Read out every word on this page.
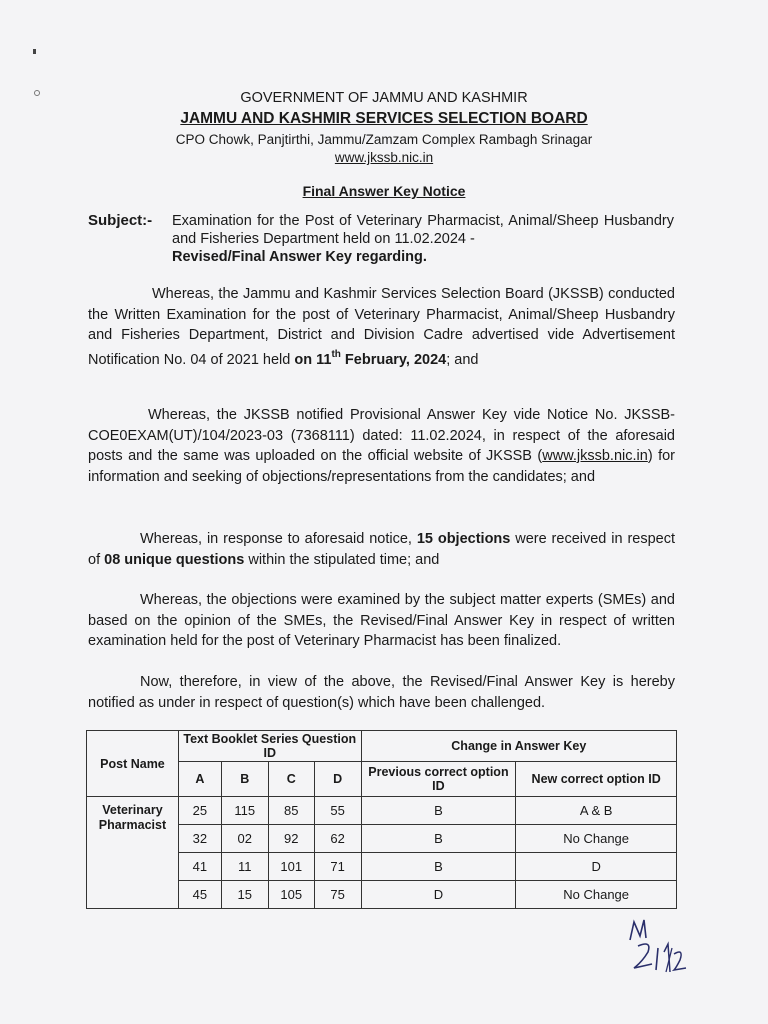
GOVERNMENT OF JAMMU AND KASHMIR
JAMMU AND KASHMIR SERVICES SELECTION BOARD
CPO Chowk, Panjtirthi, Jammu/Zamzam Complex Rambagh Srinagar
www.jkssb.nic.in
Final Answer Key Notice
Subject:- Examination for the Post of Veterinary Pharmacist, Animal/Sheep Husbandry and Fisheries Department held on 11.02.2024 -
Revised/Final Answer Key regarding.
Whereas, the Jammu and Kashmir Services Selection Board (JKSSB) conducted the Written Examination for the post of Veterinary Pharmacist, Animal/Sheep Husbandry and Fisheries Department, District and Division Cadre advertised vide Advertisement Notification No. 04 of 2021 held on 11th February, 2024; and
Whereas, the JKSSB notified Provisional Answer Key vide Notice No. JKSSB-COE0EXAM(UT)/104/2023-03 (7368111) dated: 11.02.2024, in respect of the aforesaid posts and the same was uploaded on the official website of JKSSB (www.jkssb.nic.in) for information and seeking of objections/representations from the candidates; and
Whereas, in response to aforesaid notice, 15 objections were received in respect of 08 unique questions within the stipulated time; and
Whereas, the objections were examined by the subject matter experts (SMEs) and based on the opinion of the SMEs, the Revised/Final Answer Key in respect of written examination held for the post of Veterinary Pharmacist has been finalized.
Now, therefore, in view of the above, the Revised/Final Answer Key is hereby notified as under in respect of question(s) which have been challenged.
Post Name	Text Booklet Series Question ID				Change in Answer Key	
	A	B	C	D	Previous correct option ID	New correct option ID
Veterinary Pharmacist	25	115	85	55	B	A & B
	32	02	92	62	B	No Change
	41	11	101	71	B	D
	45	15	105	75	D	No Change
